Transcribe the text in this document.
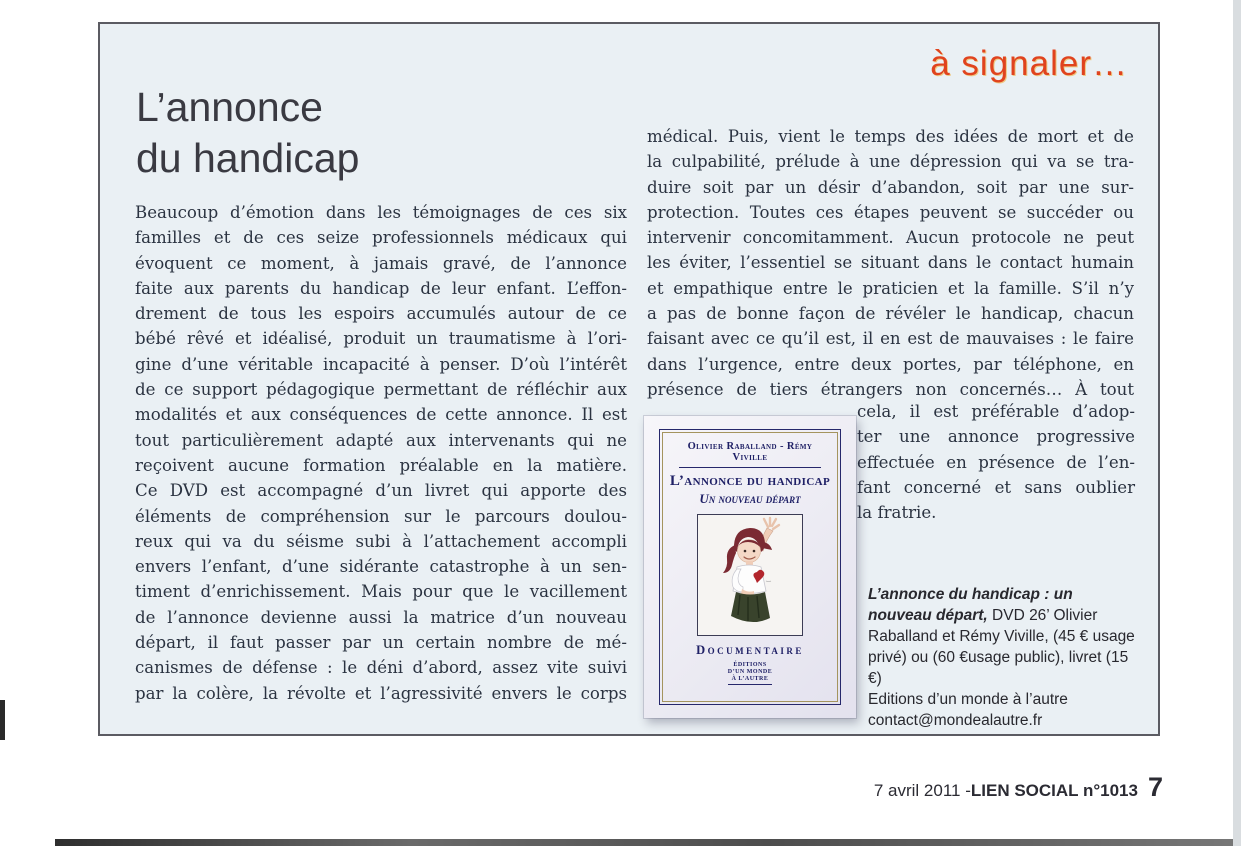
à signaler…
L’annonce
du handicap
Beaucoup d’émotion dans les témoignages de ces six
familles et de ces seize professionnels médicaux qui
évoquent ce moment, à jamais gravé, de l’annonce
faite aux parents du handicap de leur enfant. L’effon-
drement de tous les espoirs accumulés autour de ce
bébé rêvé et idéalisé, produit un traumatisme à l’ori-
gine d’une véritable incapacité à penser. D’où l’intérêt
de ce support pédagogique permettant de réfléchir aux
modalités et aux conséquences de cette annonce. Il est
tout particulièrement adapté aux intervenants qui ne
reçoivent aucune formation préalable en la matière.
Ce DVD est accompagné d’un livret qui apporte des
éléments de compréhension sur le parcours doulou-
reux qui va du séisme subi à l’attachement accompli
envers l’enfant, d’une sidérante catastrophe à un sen-
timent d’enrichissement. Mais pour que le vacillement
de l’annonce devienne aussi la matrice d’un nouveau
départ, il faut passer par un certain nombre de mé-
canismes de défense : le déni d’abord, assez vite suivi
par la colère, la révolte et l’agressivité envers le corps
médical. Puis, vient le temps des idées de mort et de
la culpabilité, prélude à une dépression qui va se tra-
duire soit par un désir d’abandon, soit par une sur-
protection. Toutes ces étapes peuvent se succéder ou
intervenir concomitamment. Aucun protocole ne peut
les éviter, l’essentiel se situant dans le contact humain
et empathique entre le praticien et la famille. S’il n’y
a pas de bonne façon de révéler le handicap, chacun
faisant avec ce qu’il est, il en est de mauvaises : le faire
dans l’urgence, entre deux portes, par téléphone, en
présence de tiers étrangers non concernés… À tout
cela, il est préférable d’adop-
ter une annonce progressive
effectuée en présence de l’en-
fant concerné et sans oublier
la fratrie.
Olivier Raballand - Rémy Viville
L’annonce du handicap
Un nouveau départ
Documentaire
ÉDITIONS
D’UN MONDE
À L’AUTRE
L’annonce du handicap : un nouveau départ, DVD 26’ Olivier Raballand et Rémy Viville, (45 € usage privé) ou (60 €usage public), livret (15 €)
Editions d’un monde à l’autre
contact@mondealautre.fr
7 avril 2011 - LIEN SOCIAL n°1013 7
